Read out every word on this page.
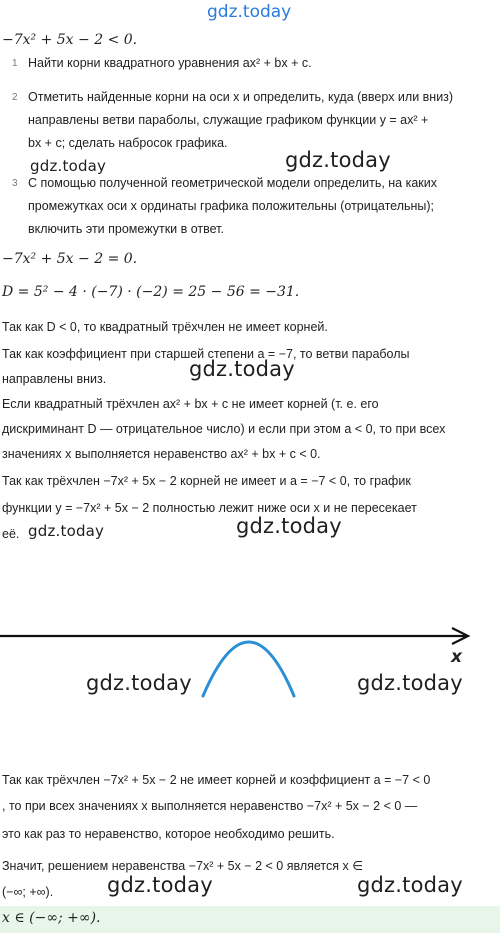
gdz.today
−7x² + 5x − 2 < 0.
1 Найти корни квадратного уравнения ax² + bx + c.
2 Отметить найденные корни на оси x и определить, куда (вверх или вниз)
направлены ветви параболы, служащие графиком функции y = ax² +
bx + c; сделать набросок графика.
3 С помощью полученной геометрической модели определить, на каких
промежутках оси x ординаты графика положительны (отрицательны);
включить эти промежутки в ответ.
−7x² + 5x − 2 = 0.
D = 5² − 4 · (−7) · (−2) = 25 − 56 = −31.
Так как D < 0, то квадратный трёхчлен не имеет корней.
Так как коэффициент при старшей степени a = −7, то ветви параболы
направлены вниз.
Если квадратный трёхчлен ax² + bx + c не имеет корней (т. е. его
дискриминант D — отрицательное число) и если при этом a < 0, то при всех
значениях x выполняется неравенство ax² + bx + c < 0.
Так как трёхчлен −7x² + 5x − 2 корней не имеет и a = −7 < 0, то график
функции y = −7x² + 5x − 2 полностью лежит ниже оси x и не пересекает
её.
x
Так как трёхчлен −7x² + 5x − 2 не имеет корней и коэффициент a = −7 < 0
, то при всех значениях x выполняется неравенство −7x² + 5x − 2 < 0 —
это как раз то неравенство, которое необходимо решить.
Значит, решением неравенства −7x² + 5x − 2 < 0 является x ∈
(−∞; +∞).
x ∈ (−∞; +∞).
gdz.today
gdz.today
gdz.today
gdz.today
gdz.today
gdz.today	gdz.today
gdz.today	gdz.today
